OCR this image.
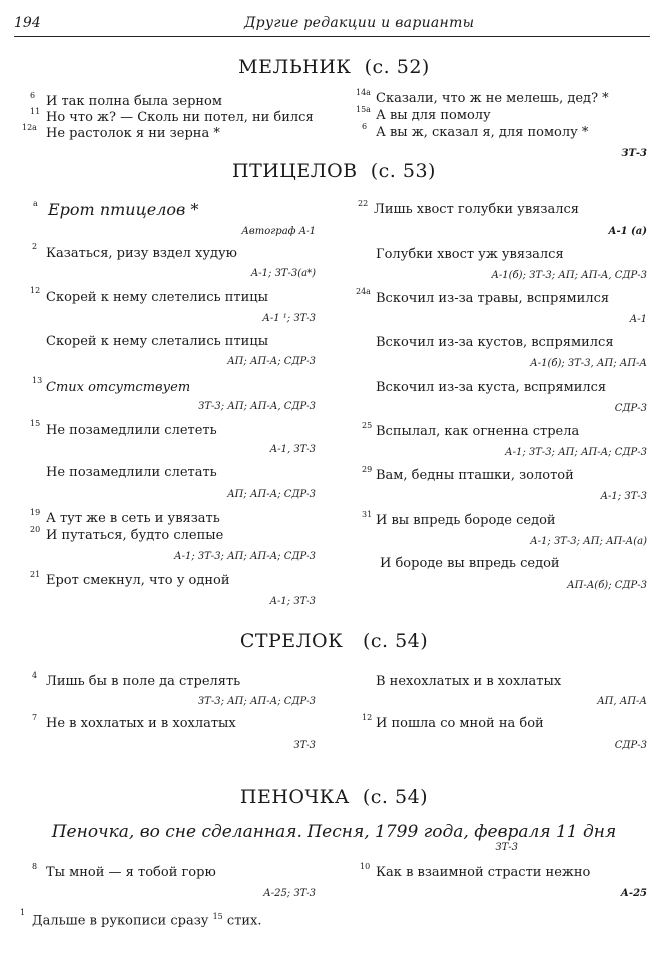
194	Другие редакции и варианты
МЕЛЬНИК (с. 52)
6 И так полна была зерном
11 Но что ж? — Сколь ни потел, ни бился
12а Не растолок я ни зерна *
14а Сказали, что ж не мелешь, дед? *
15а А вы для помолу
6 А вы ж, сказал я, для помолу *
ЗТ-3
ПТИЦЕЛОВ (с. 53)
а Ерот птицелов *
Автограф А-1
2 Казаться, ризу вздел худую
А-1; ЗТ-3(а*)
12 Скорей к нему слетелись птицы
А-1 ¹; ЗТ-3
Скорей к нему слетались птицы
АП; АП-А; СДР-3
13 Стих отсутствует
ЗТ-3; АП; АП-А, СДР-3
15 Не позамедлили слететь
А-1, ЗТ-3
Не позамедлили слетать
АП; АП-А; СДР-3
19 А тут же в сеть и увязать
20 И путаться, будто слепые
А-1; ЗТ-3; АП; АП-А; СДР-3
21 Ерот смекнул, что у одной
А-1; ЗТ-3
22 Лишь хвост голубки увязался
А-1 (а)
Голубки хвост уж увязался
А-1(б); ЗТ-3; АП; АП-А, СДР-3
24а Вскочил из-за травы, вспрямился
А-1
Вскочил из-за кустов, вспрямился
А-1(б); ЗТ-3, АП; АП-А
Вскочил из-за куста, вспрямился
СДР-3
25 Вспылал, как огненна стрела
А-1; ЗТ-3; АП; АП-А; СДР-3
29 Вам, бедны пташки, золотой
А-1; ЗТ-3
31 И вы впредь бороде седой
А-1; ЗТ-3; АП; АП-А(а)
И бороде вы впредь седой
АП-А(б); СДР-3
СТРЕЛОК (с. 54)
4 Лишь бы в поле да стрелять
ЗТ-3; АП; АП-А; СДР-3
7 Не в хохлатых и в хохлатых
ЗТ-3
В нехохлатых и в хохлатых
АП, АП-А
12 И пошла со мной на бой
СДР-3
ПЕНОЧКА (с. 54)
Пеночка, во сне сделанная. Песня, 1799 года, февраля 11 дня
ЗТ-3
8 Ты мной — я тобой горю
А-25; ЗТ-3
10 Как в взаимной страсти нежно
А-25
1
Дальше в рукописи сразу $^{15}$ стих.
